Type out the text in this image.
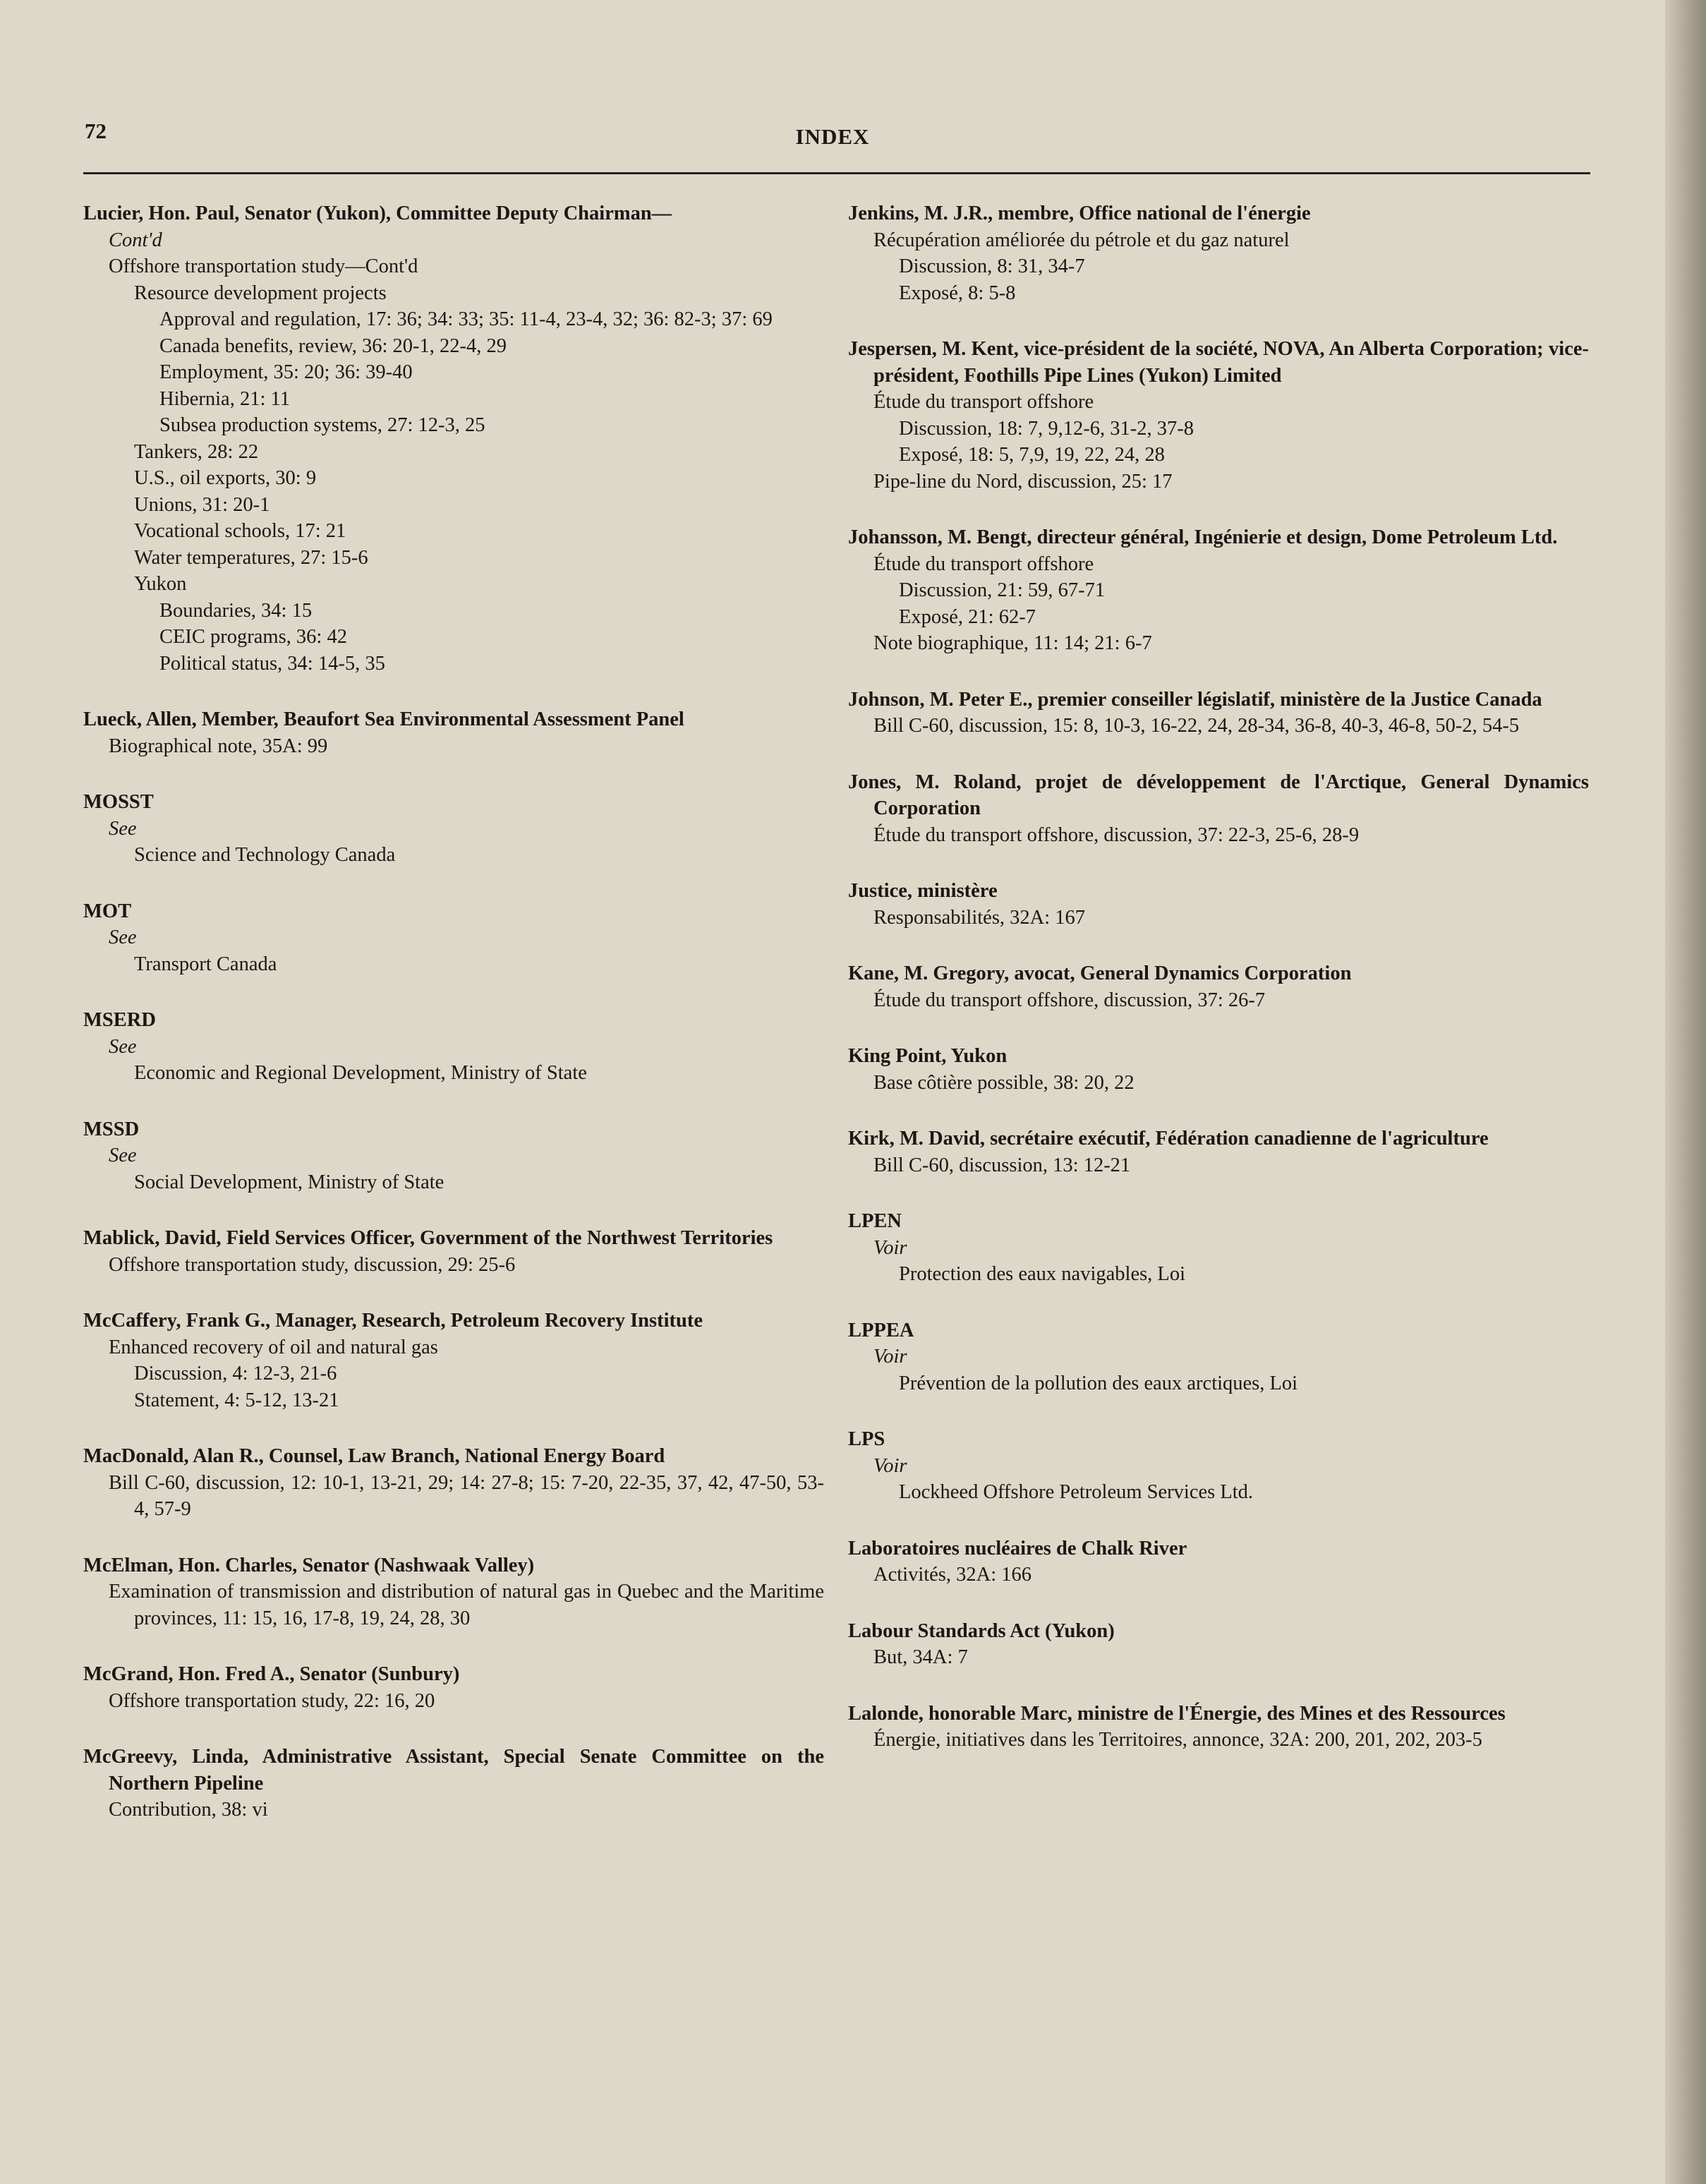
72	INDEX
Lucier, Hon. Paul, Senator (Yukon), Committee Deputy Chairman—
Cont'd
Offshore transportation study—Cont'd
Resource development projects
Approval and regulation, 17: 36; 34: 33; 35: 11-4, 23-4, 32; 36: 82-3; 37: 69
Canada benefits, review, 36: 20-1, 22-4, 29
Employment, 35: 20; 36: 39-40
Hibernia, 21: 11
Subsea production systems, 27: 12-3, 25
Tankers, 28: 22
U.S., oil exports, 30: 9
Unions, 31: 20-1
Vocational schools, 17: 21
Water temperatures, 27: 15-6
Yukon
Boundaries, 34: 15
CEIC programs, 36: 42
Political status, 34: 14-5, 35
Lueck, Allen, Member, Beaufort Sea Environmental Assessment Panel
Biographical note, 35A: 99
MOSST
See
Science and Technology Canada
MOT
See
Transport Canada
MSERD
See
Economic and Regional Development, Ministry of State
MSSD
See
Social Development, Ministry of State
Mablick, David, Field Services Officer, Government of the Northwest Territories
Offshore transportation study, discussion, 29: 25-6
McCaffery, Frank G., Manager, Research, Petroleum Recovery Institute
Enhanced recovery of oil and natural gas
Discussion, 4: 12-3, 21-6
Statement, 4: 5-12, 13-21
MacDonald, Alan R., Counsel, Law Branch, National Energy Board
Bill C-60, discussion, 12: 10-1, 13-21, 29; 14: 27-8; 15: 7-20, 22-35, 37, 42, 47-50, 53-4, 57-9
McElman, Hon. Charles, Senator (Nashwaak Valley)
Examination of transmission and distribution of natural gas in Quebec and the Maritime provinces, 11: 15, 16, 17-8, 19, 24, 28, 30
McGrand, Hon. Fred A., Senator (Sunbury)
Offshore transportation study, 22: 16, 20
McGreevy, Linda, Administrative Assistant, Special Senate Committee on the Northern Pipeline
Contribution, 38: vi
Jenkins, M. J.R., membre, Office national de l'énergie
Récupération améliorée du pétrole et du gaz naturel
Discussion, 8: 31, 34-7
Exposé, 8: 5-8
Jespersen, M. Kent, vice-président de la société, NOVA, An Alberta Corporation; vice-président, Foothills Pipe Lines (Yukon) Limited
Étude du transport offshore
Discussion, 18: 7, 9,12-6, 31-2, 37-8
Exposé, 18: 5, 7,9, 19, 22, 24, 28
Pipe-line du Nord, discussion, 25: 17
Johansson, M. Bengt, directeur général, Ingénierie et design, Dome Petroleum Ltd.
Étude du transport offshore
Discussion, 21: 59, 67-71
Exposé, 21: 62-7
Note biographique, 11: 14; 21: 6-7
Johnson, M. Peter E., premier conseiller législatif, ministère de la Justice Canada
Bill C-60, discussion, 15: 8, 10-3, 16-22, 24, 28-34, 36-8, 40-3, 46-8, 50-2, 54-5
Jones, M. Roland, projet de développement de l'Arctique, General Dynamics Corporation
Étude du transport offshore, discussion, 37: 22-3, 25-6, 28-9
Justice, ministère
Responsabilités, 32A: 167
Kane, M. Gregory, avocat, General Dynamics Corporation
Étude du transport offshore, discussion, 37: 26-7
King Point, Yukon
Base côtière possible, 38: 20, 22
Kirk, M. David, secrétaire exécutif, Fédération canadienne de l'agriculture
Bill C-60, discussion, 13: 12-21
LPEN
Voir
Protection des eaux navigables, Loi
LPPEA
Voir
Prévention de la pollution des eaux arctiques, Loi
LPS
Voir
Lockheed Offshore Petroleum Services Ltd.
Laboratoires nucléaires de Chalk River
Activités, 32A: 166
Labour Standards Act (Yukon)
But, 34A: 7
Lalonde, honorable Marc, ministre de l'Énergie, des Mines et des Ressources
Énergie, initiatives dans les Territoires, annonce, 32A: 200, 201, 202, 203-5
